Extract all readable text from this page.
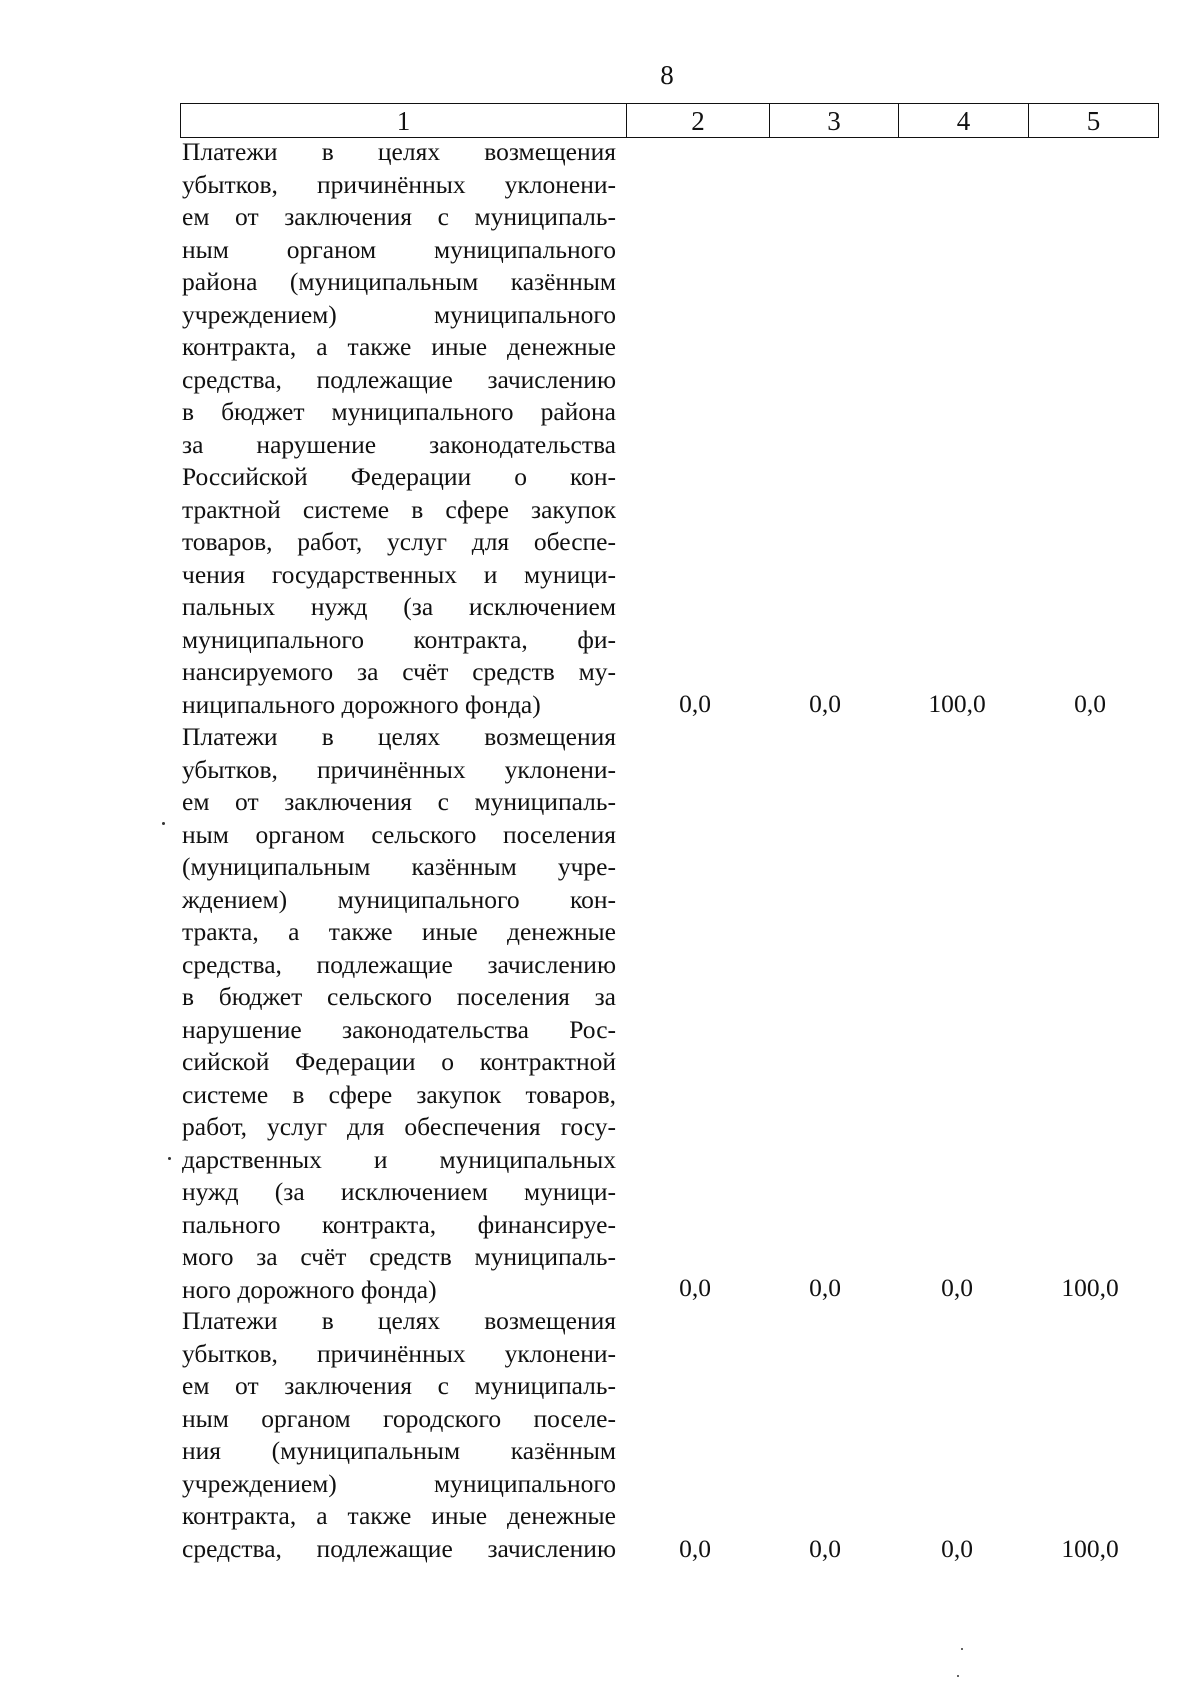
8
1	2	3	4	5
Платежи в целях возмещения
убытков, причинённых уклонени-
ем от заключения с муниципаль-
ным органом муниципального
района (муниципальным казённым
учреждением) муниципального
контракта, а также иные денежные
средства, подлежащие зачислению
в бюджет муниципального района
за нарушение законодательства
Российской Федерации о кон-
трактной системе в сфере закупок
товаров, работ, услуг для обеспе-
чения государственных и муници-
пальных нужд (за исключением
муниципального контракта, фи-
нансируемого за счёт средств му-
ниципального дорожного фонда)	0,0	0,0	100,0	0,0
Платежи в целях возмещения
убытков, причинённых уклонени-
ем от заключения с муниципаль-
ным органом сельского поселения
(муниципальным казённым учре-
ждением) муниципального кон-
тракта, а также иные денежные
средства, подлежащие зачислению
в бюджет сельского поселения за
нарушение законодательства Рос-
сийской Федерации о контрактной
системе в сфере закупок товаров,
работ, услуг для обеспечения госу-
дарственных и муниципальных
нужд (за исключением муници-
пального контракта, финансируе-
мого за счёт средств муниципаль-
ного дорожного фонда)	0,0	0,0	0,0	100,0
Платежи в целях возмещения
убытков, причинённых уклонени-
ем от заключения с муниципаль-
ным органом городского поселе-
ния (муниципальным казённым
учреждением) муниципального
контракта, а также иные денежные
средства, подлежащие зачислению	0,0	0,0	0,0	100,0
